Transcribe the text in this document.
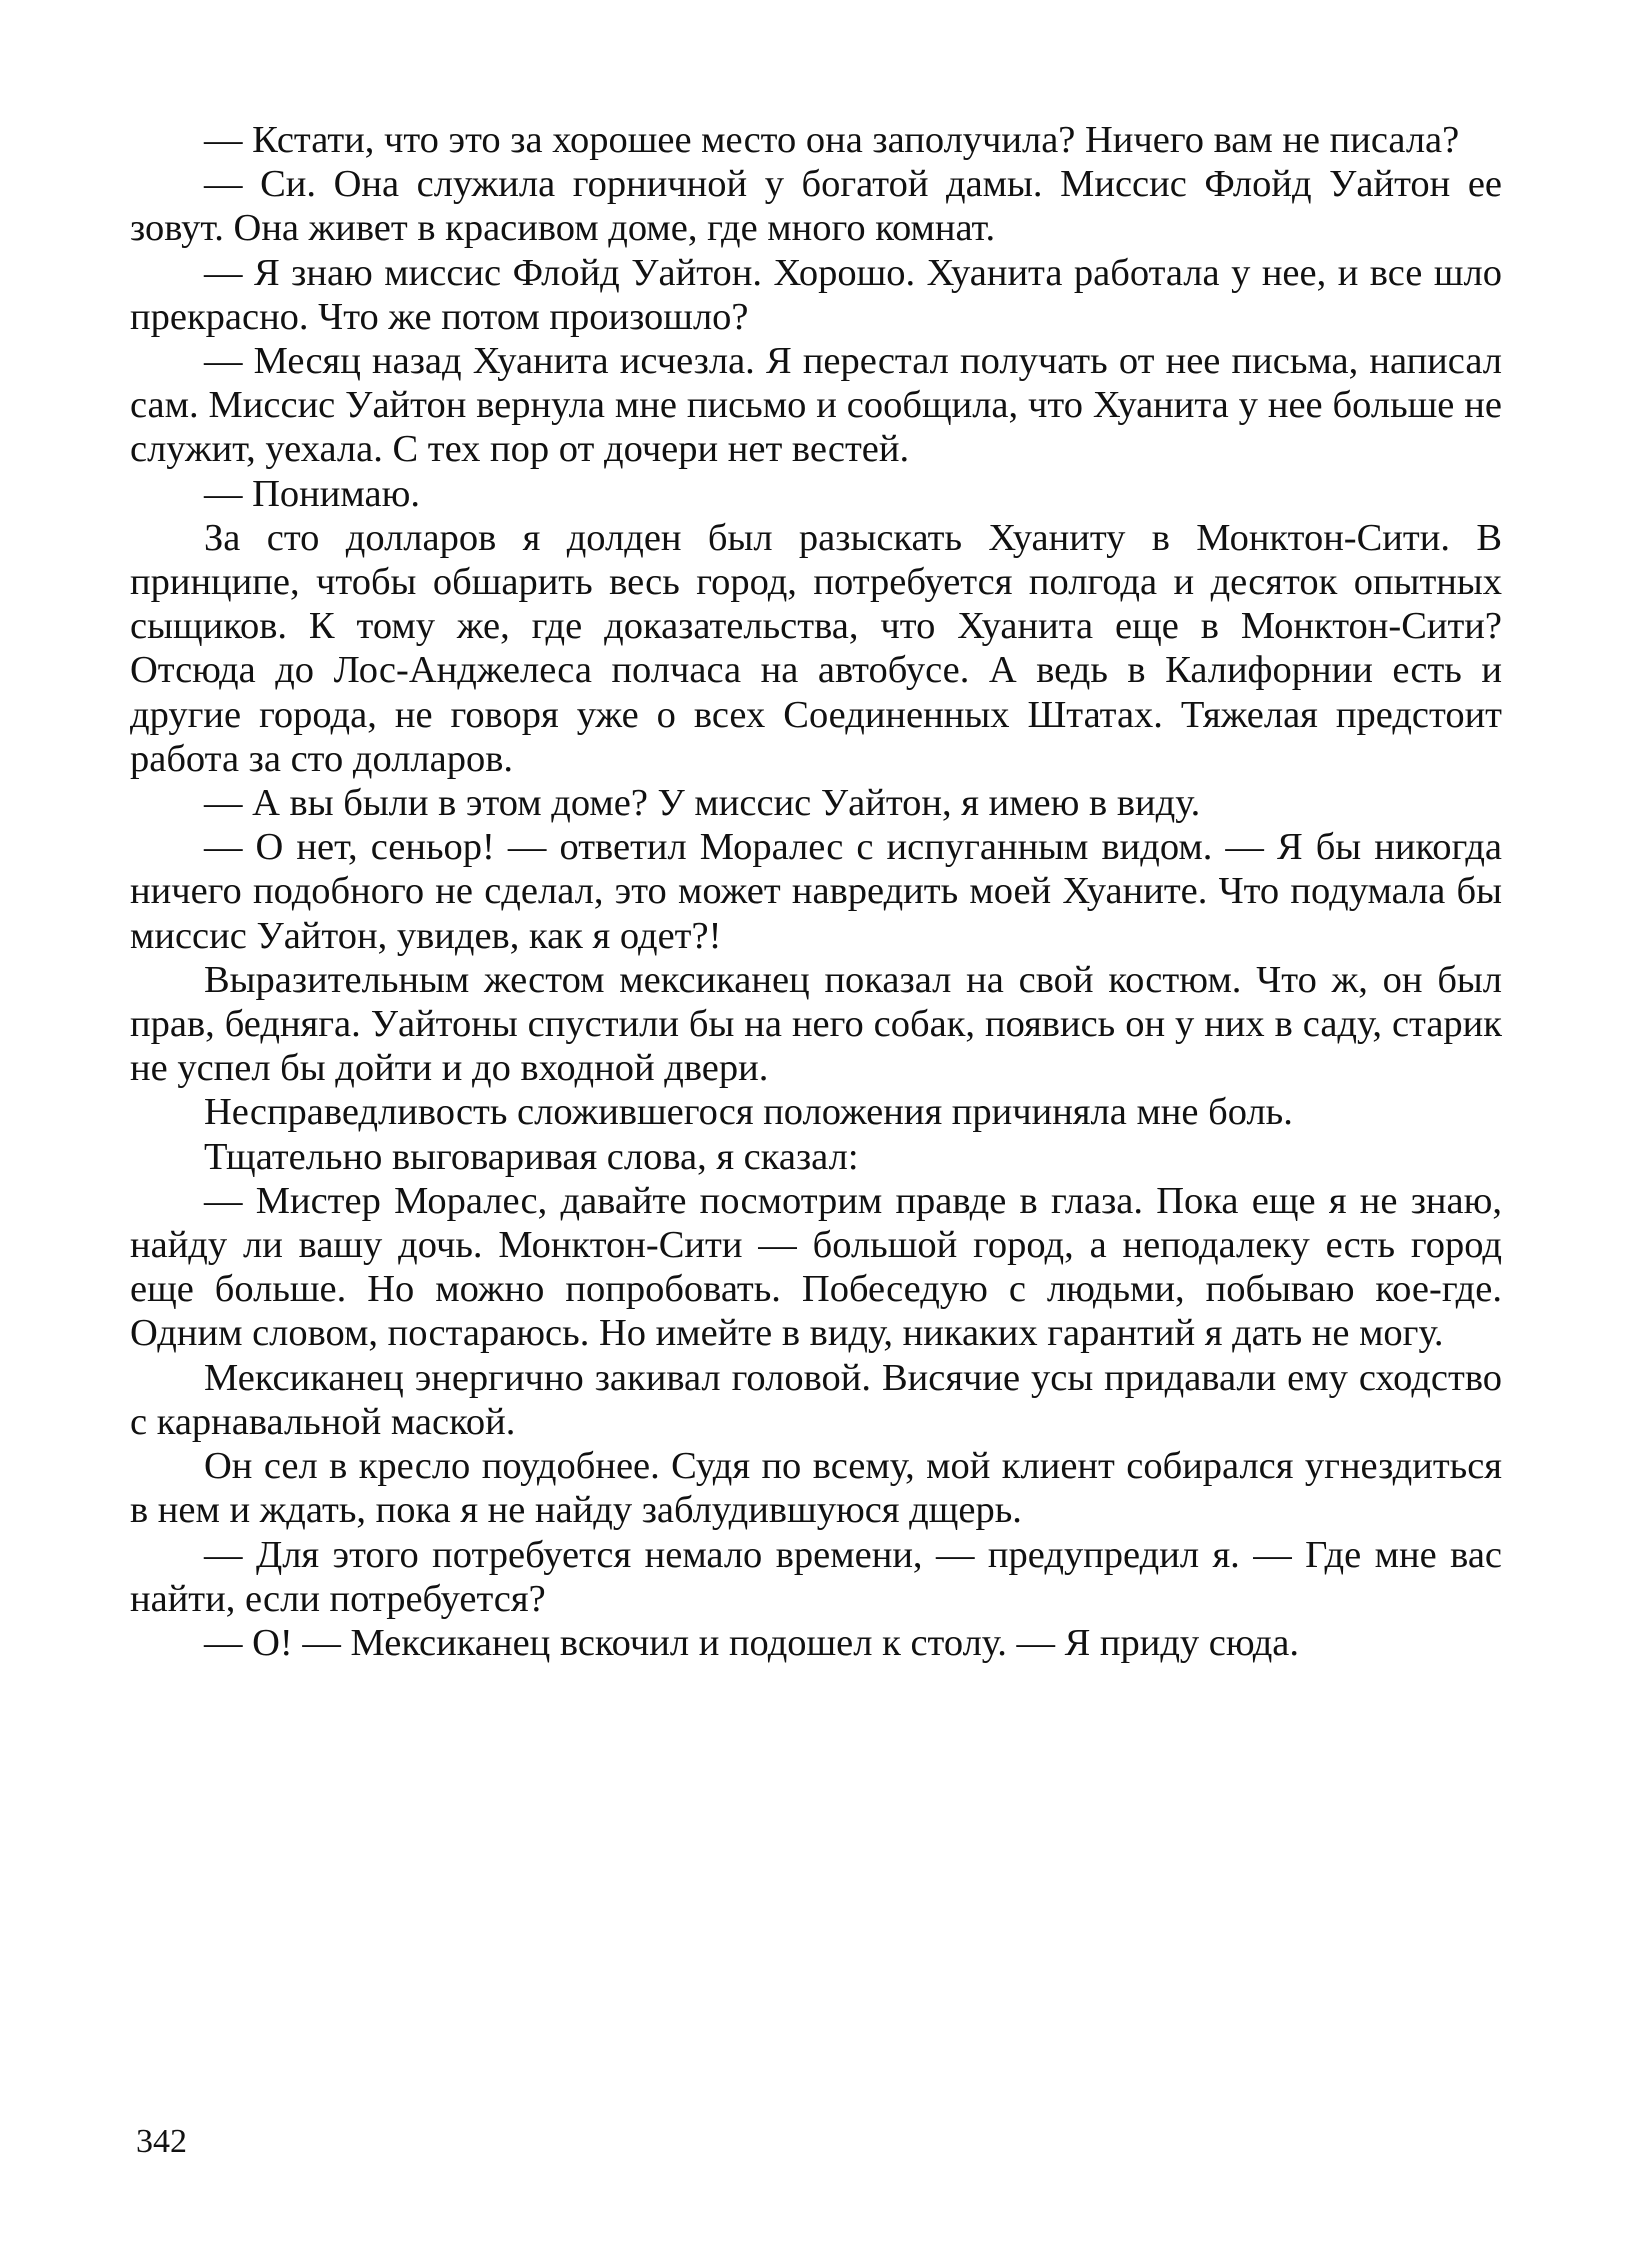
— Кстати, что это за хорошее место она заполучила? Ничего вам не писала?

— Си. Она служила горничной у богатой дамы. Миссис Флойд Уайтон ее зовут. Она живет в красивом доме, где много комнат.

— Я знаю миссис Флойд Уайтон. Хорошо. Хуанита работала у нее, и все шло прекрасно. Что же потом произошло?

— Месяц назад Хуанита исчезла. Я перестал получать от нее письма, написал сам. Миссис Уайтон вернула мне письмо и сообщила, что Хуанита у нее больше не служит, уехала. С тех пор от дочери нет вестей.

— Понимаю.

За сто долларов я долден был разыскать Хуаниту в Монктон-Сити. В принципе, чтобы обшарить весь город, потребуется полгода и десяток опытных сыщиков. К тому же, где доказательства, что Хуанита еще в Монктон-Сити? Отсюда до Лос-Анджелеса полчаса на автобусе. А ведь в Калифорнии есть и другие города, не говоря уже о всех Соединенных Штатах. Тяжелая предстоит работа за сто долларов.

— А вы были в этом доме? У миссис Уайтон, я имею в виду.

— О нет, сеньор! — ответил Моралес с испуганным видом. — Я бы никогда ничего подобного не сделал, это может навредить моей Хуаните. Что подумала бы миссис Уайтон, увидев, как я одет?!

Выразительным жестом мексиканец показал на свой костюм. Что ж, он был прав, бедняга. Уайтоны спустили бы на него собак, появись он у них в саду, старик не успел бы дойти и до входной двери.

Несправедливость сложившегося положения причиняла мне боль.

Тщательно выговаривая слова, я сказал:

— Мистер Моралес, давайте посмотрим правде в глаза. Пока еще я не знаю, найду ли вашу дочь. Монктон-Сити — большой город, а неподалеку есть город еще больше. Но можно попробовать. Побеседую с людьми, побываю кое-где. Одним словом, постараюсь. Но имейте в виду, никаких гарантий я дать не могу.

Мексиканец энергично закивал головой. Висячие усы придавали ему сходство с карнавальной маской.

Он сел в кресло поудобнее. Судя по всему, мой клиент собирался угнездиться в нем и ждать, пока я не найду заблудившуюся дщерь.

— Для этого потребуется немало времени, — предупредил я. — Где мне вас найти, если потребуется?

— О! — Мексиканец вскочил и подошел к столу. — Я приду сюда.

342
